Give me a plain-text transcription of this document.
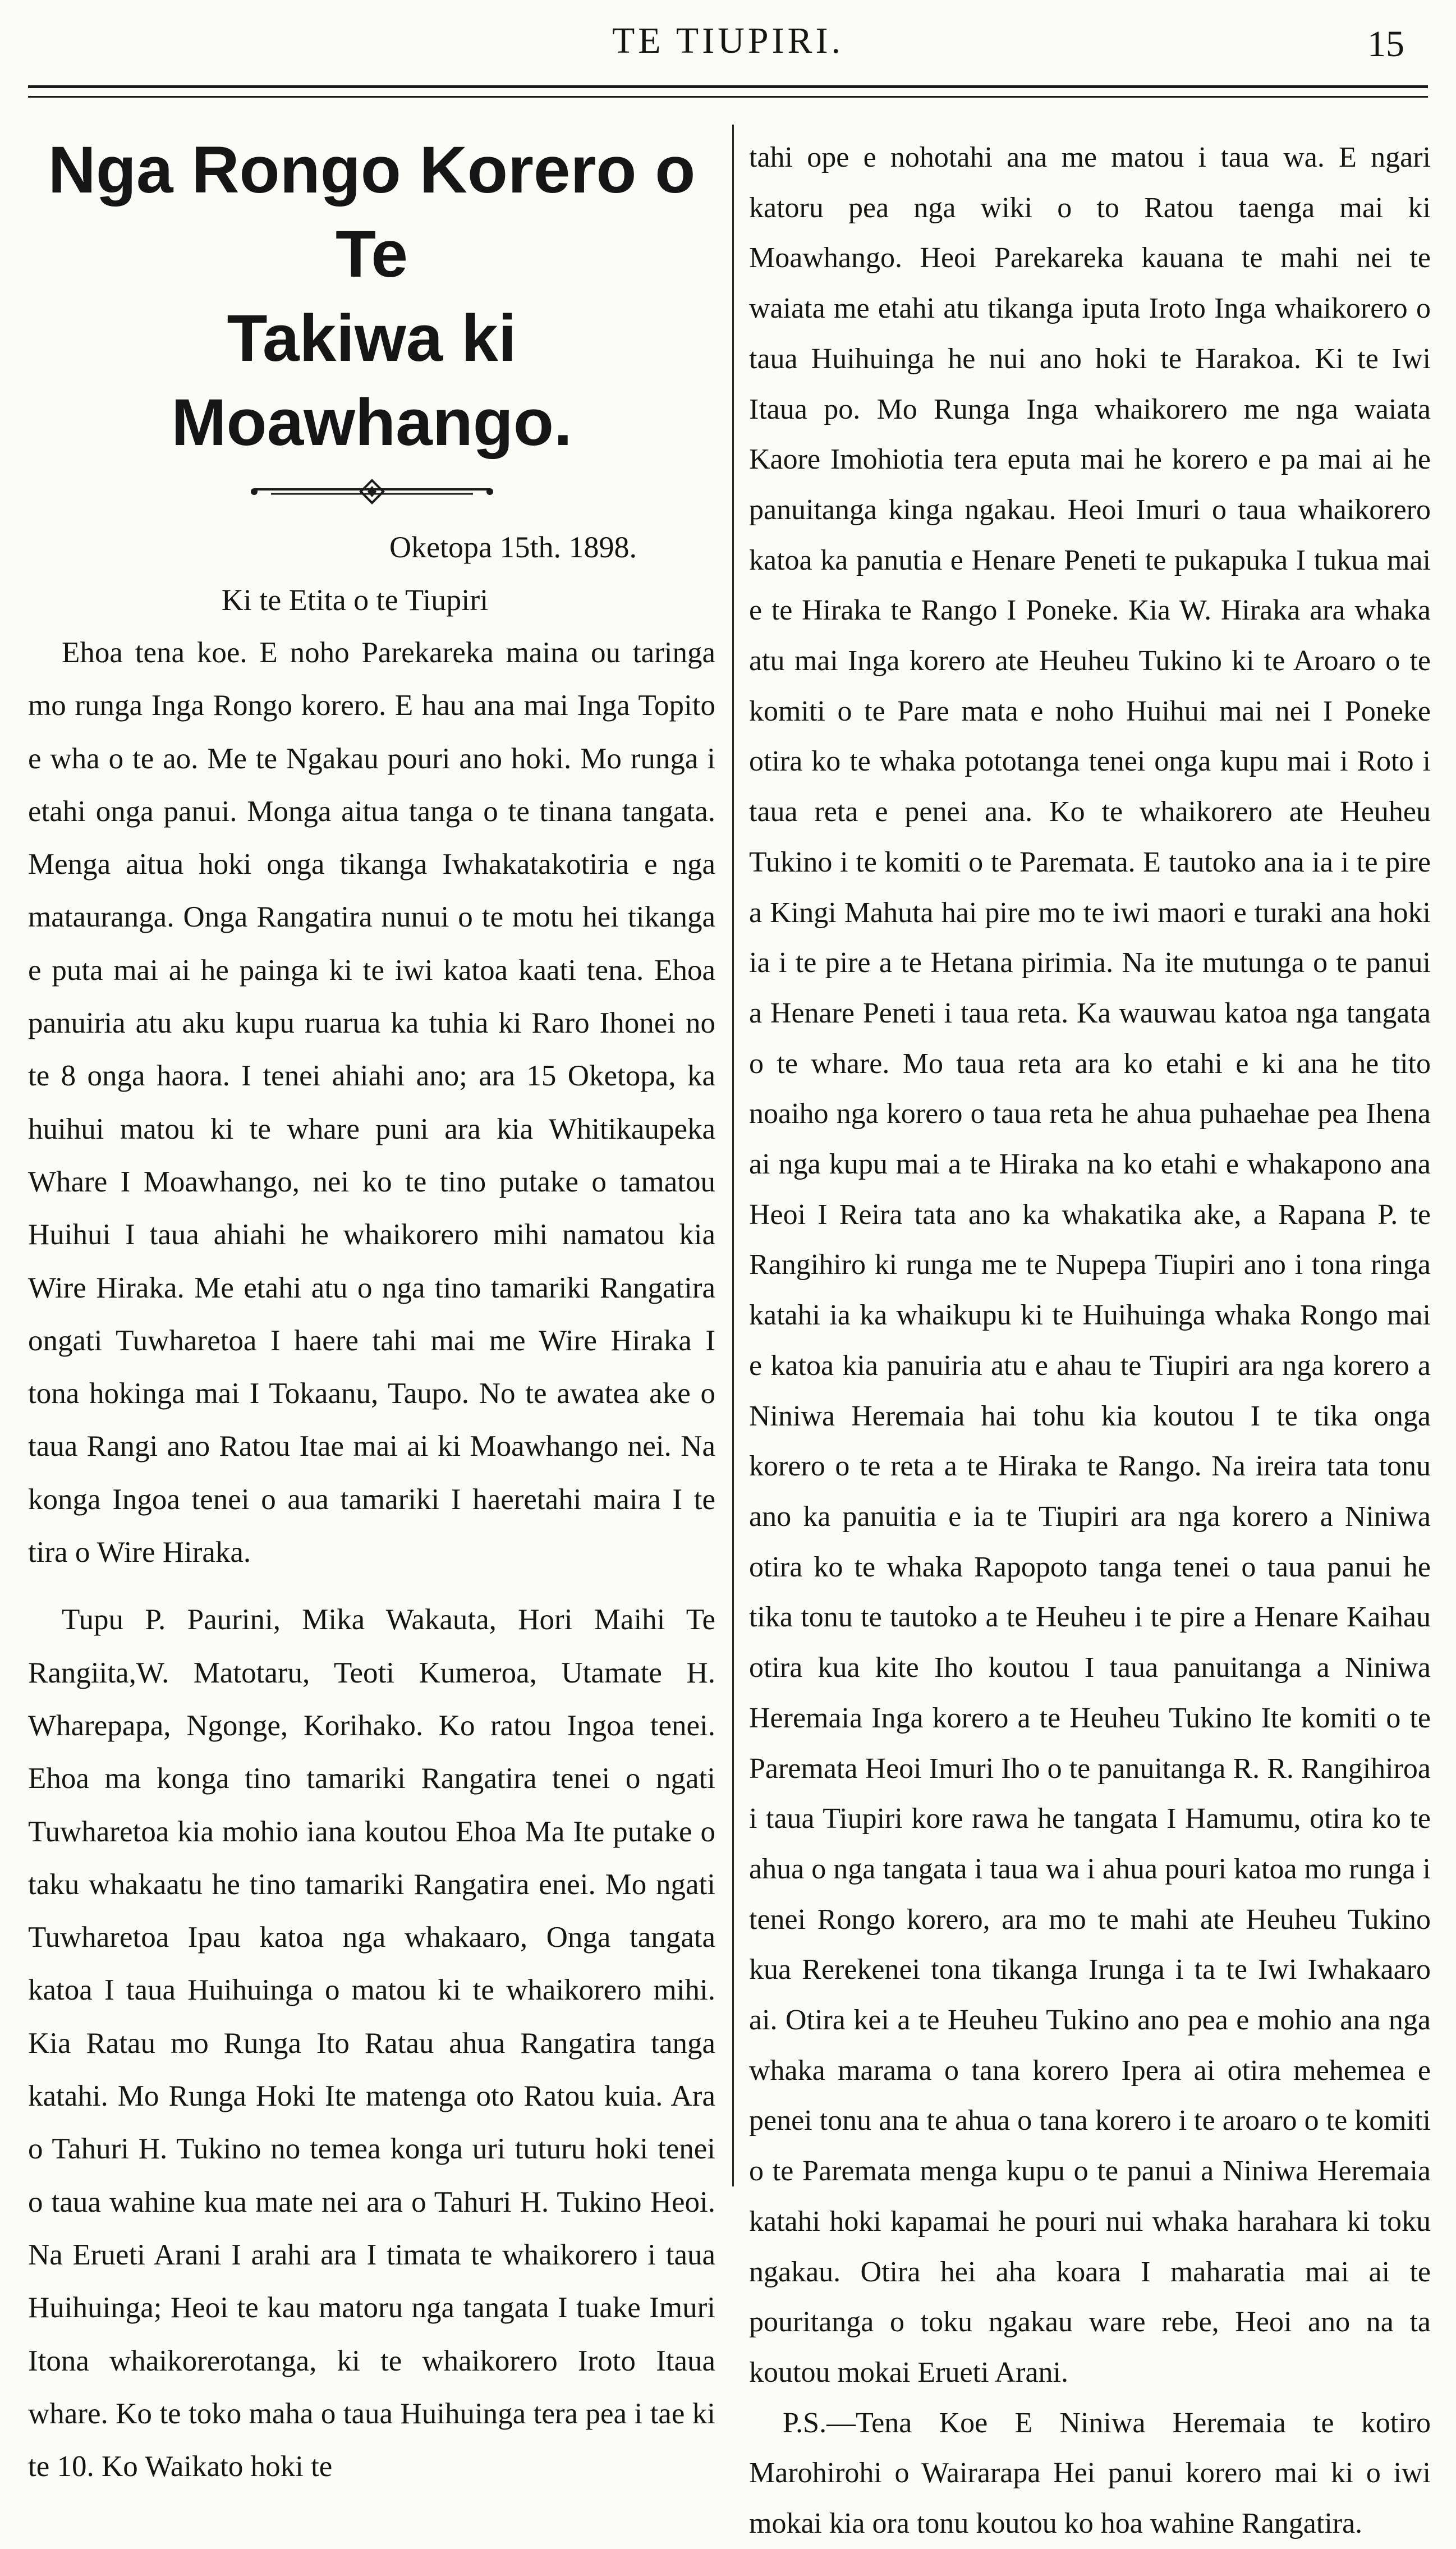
TE TIUPIRI.	15
Nga Rongo Korero o Te
Takiwa ki Moawhango.
Oketopa 15th. 1898.
Ki te Etita o te Tiupiri

Ehoa tena koe. E noho Parekareka maina ou taringa mo runga Inga Rongo korero. E hau ana mai Inga Topito e wha o te ao. Me te Ngakau pouri ano hoki. Mo runga i etahi onga panui. Monga aitua tanga o te tinana tangata. Menga aitua hoki onga tikanga Iwhakatakotiria e nga matauranga. Onga Rangatira nunui o te motu hei tikanga e puta mai ai he painga ki te iwi katoa kaati tena. Ehoa panuiria atu aku kupu ruarua ka tuhia ki Raro Ihonei no te 8 onga haora. I tenei ahiahi ano; ara 15 Oketopa, ka huihui matou ki te whare puni ara kia Whitikaupeka Whare I Moawhango, nei ko te tino putake o tamatou Huihui I taua ahiahi he whaikorero mihi namatou kia Wire Hiraka. Me etahi atu o nga tino tamariki Rangatira ongati Tuwharetoa I haere tahi mai me Wire Hiraka I tona hokinga mai I Tokaanu, Taupo. No te awatea ake o taua Rangi ano Ratou Itae mai ai ki Moawhango nei. Na konga Ingoa tenei o aua tamariki I haeretahi maira I te tira o Wire Hiraka.

Tupu P. Paurini, Mika Wakauta, Hori Maihi Te Rangiita,W. Matotaru, Teoti Kumeroa, Utamate H. Wharepapa, Ngonge, Korihako. Ko ratou Ingoa tenei. Ehoa ma konga tino tamariki Rangatira tenei o ngati Tuwharetoa kia mohio iana koutou Ehoa Ma Ite putake o taku whakaatu he tino tamariki Rangatira enei. Mo ngati Tuwharetoa Ipau katoa nga whakaaro, Onga tangata katoa I taua Huihuinga o matou ki te whaikorero mihi. Kia Ratau mo Runga Ito Ratau ahua Rangatira tanga katahi. Mo Runga Hoki Ite matenga oto Ratou kuia. Ara o Tahuri H. Tukino no temea konga uri tuturu hoki tenei o taua wahine kua mate nei ara o Tahuri H. Tukino Heoi. Na Erueti Arani I arahi ara I timata te whaikorero i taua Huihuinga; Heoi te kau matoru nga tangata I tuake Imuri Itona whaikorerotanga, ki te whaikorero Iroto Itaua whare. Ko te toko maha o taua Huihuinga tera pea i tae ki te 10. Ko Waikato hoki te

tahi ope e nohotahi ana me matou i taua wa. E ngari katoru pea nga wiki o to Ratou taenga mai ki Moawhango. Heoi Parekareka kauana te mahi nei te waiata me etahi atu tikanga iputa Iroto Inga whaikorero o taua Huihuinga he nui ano hoki te Harakoa. Ki te Iwi Itaua po. Mo Runga Inga whaikorero me nga waiata Kaore Imohiotia tera eputa mai he korero e pa mai ai he panuitanga kinga ngakau. Heoi Imuri o taua whaikorero katoa ka panutia e Henare Peneti te pukapuka I tukua mai e te Hiraka te Rango I Poneke. Kia W. Hiraka ara whaka atu mai Inga korero ate Heuheu Tukino ki te Aroaro o te komiti o te Pare mata e noho Huihui mai nei I Poneke otira ko te whaka pototanga tenei onga kupu mai i Roto i taua reta e penei ana. Ko te whaikorero ate Heuheu Tukino i te komiti o te Paremata. E tautoko ana ia i te pire a Kingi Mahuta hai pire mo te iwi maori e turaki ana hoki ia i te pire a te Hetana pirimia. Na ite mutunga o te panui a Henare Peneti i taua reta. Ka wauwau katoa nga tangata o te whare. Mo taua reta ara ko etahi e ki ana he tito noaiho nga korero o taua reta he ahua puhaehae pea Ihena ai nga kupu mai a te Hiraka na ko etahi e whakapono ana Heoi I Reira tata ano ka whakatika ake, a Rapana P. te Rangihiro ki runga me te Nupepa Tiupiri ano i tona ringa katahi ia ka whaikupu ki te Huihuinga whaka Rongo mai e katoa kia panuiria atu e ahau te Tiupiri ara nga korero a Niniwa Heremaia hai tohu kia koutou I te tika onga korero o te reta a te Hiraka te Rango. Na ireira tata tonu ano ka panuitia e ia te Tiupiri ara nga korero a Niniwa otira ko te whaka Rapopoto tanga tenei o taua panui he tika tonu te tautoko a te Heuheu i te pire a Henare Kaihau otira kua kite Iho koutou I taua panuitanga a Niniwa Heremaia Inga korero a te Heuheu Tukino Ite komiti o te Paremata Heoi Imuri Iho o te panuitanga R. R. Rangihiroa i taua Tiupiri kore rawa he tangata I Hamumu, otira ko te ahua o nga tangata i taua wa i ahua pouri katoa mo runga i tenei Rongo korero, ara mo te mahi ate Heuheu Tukino kua Rerekenei tona tikanga Irunga i ta te Iwi Iwhakaaro ai. Otira kei a te Heuheu Tukino ano pea e mohio ana nga whaka marama o tana korero Ipera ai otira mehemea e penei tonu ana te ahua o tana korero i te aroaro o te komiti o te Paremata menga kupu o te panui a Niniwa Heremaia katahi hoki kapamai he pouri nui whaka harahara ki toku ngakau. Otira hei aha koara I maharatia mai ai te pouritanga o toku ngakau ware rebe, Heoi ano na ta koutou mokai Erueti Arani.

P.S.—Tena Koe E Niniwa Heremaia te kotiro Marohirohi o Wairarapa Hei panui korero mai ki o iwi mokai kia ora tonu koutou ko hoa wahine Rangatira.
